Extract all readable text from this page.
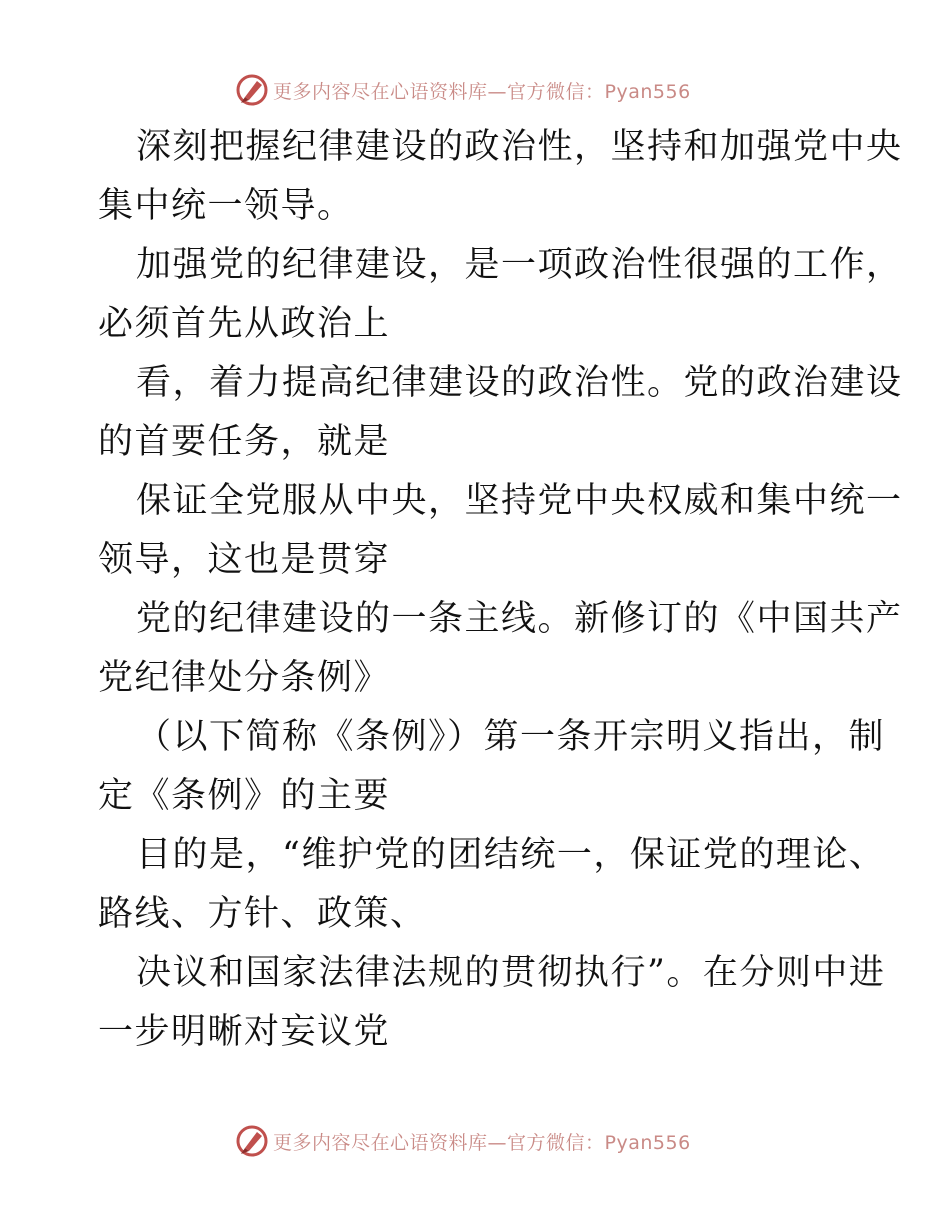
更多内容尽在心语资料库—官方微信：Pyan556
深刻把握纪律建设的政治性，坚持和加强党中央
集中统一领导。
加强党的纪律建设，是一项政治性很强的工作，
必须首先从政治上
看，着力提高纪律建设的政治性。党的政治建设
的首要任务，就是
保证全党服从中央，坚持党中央权威和集中统一
领导，这也是贯穿
党的纪律建设的一条主线。新修订的《中国共产
党纪律处分条例》
（以下简称《条例》）第一条开宗明义指出，制
定《条例》的主要
目的是，“维护党的团结统一，保证党的理论、
路线、方针、政策、
决议和国家法律法规的贯彻执行”。在分则中进
一步明晰对妄议党
更多内容尽在心语资料库—官方微信：Pyan556
